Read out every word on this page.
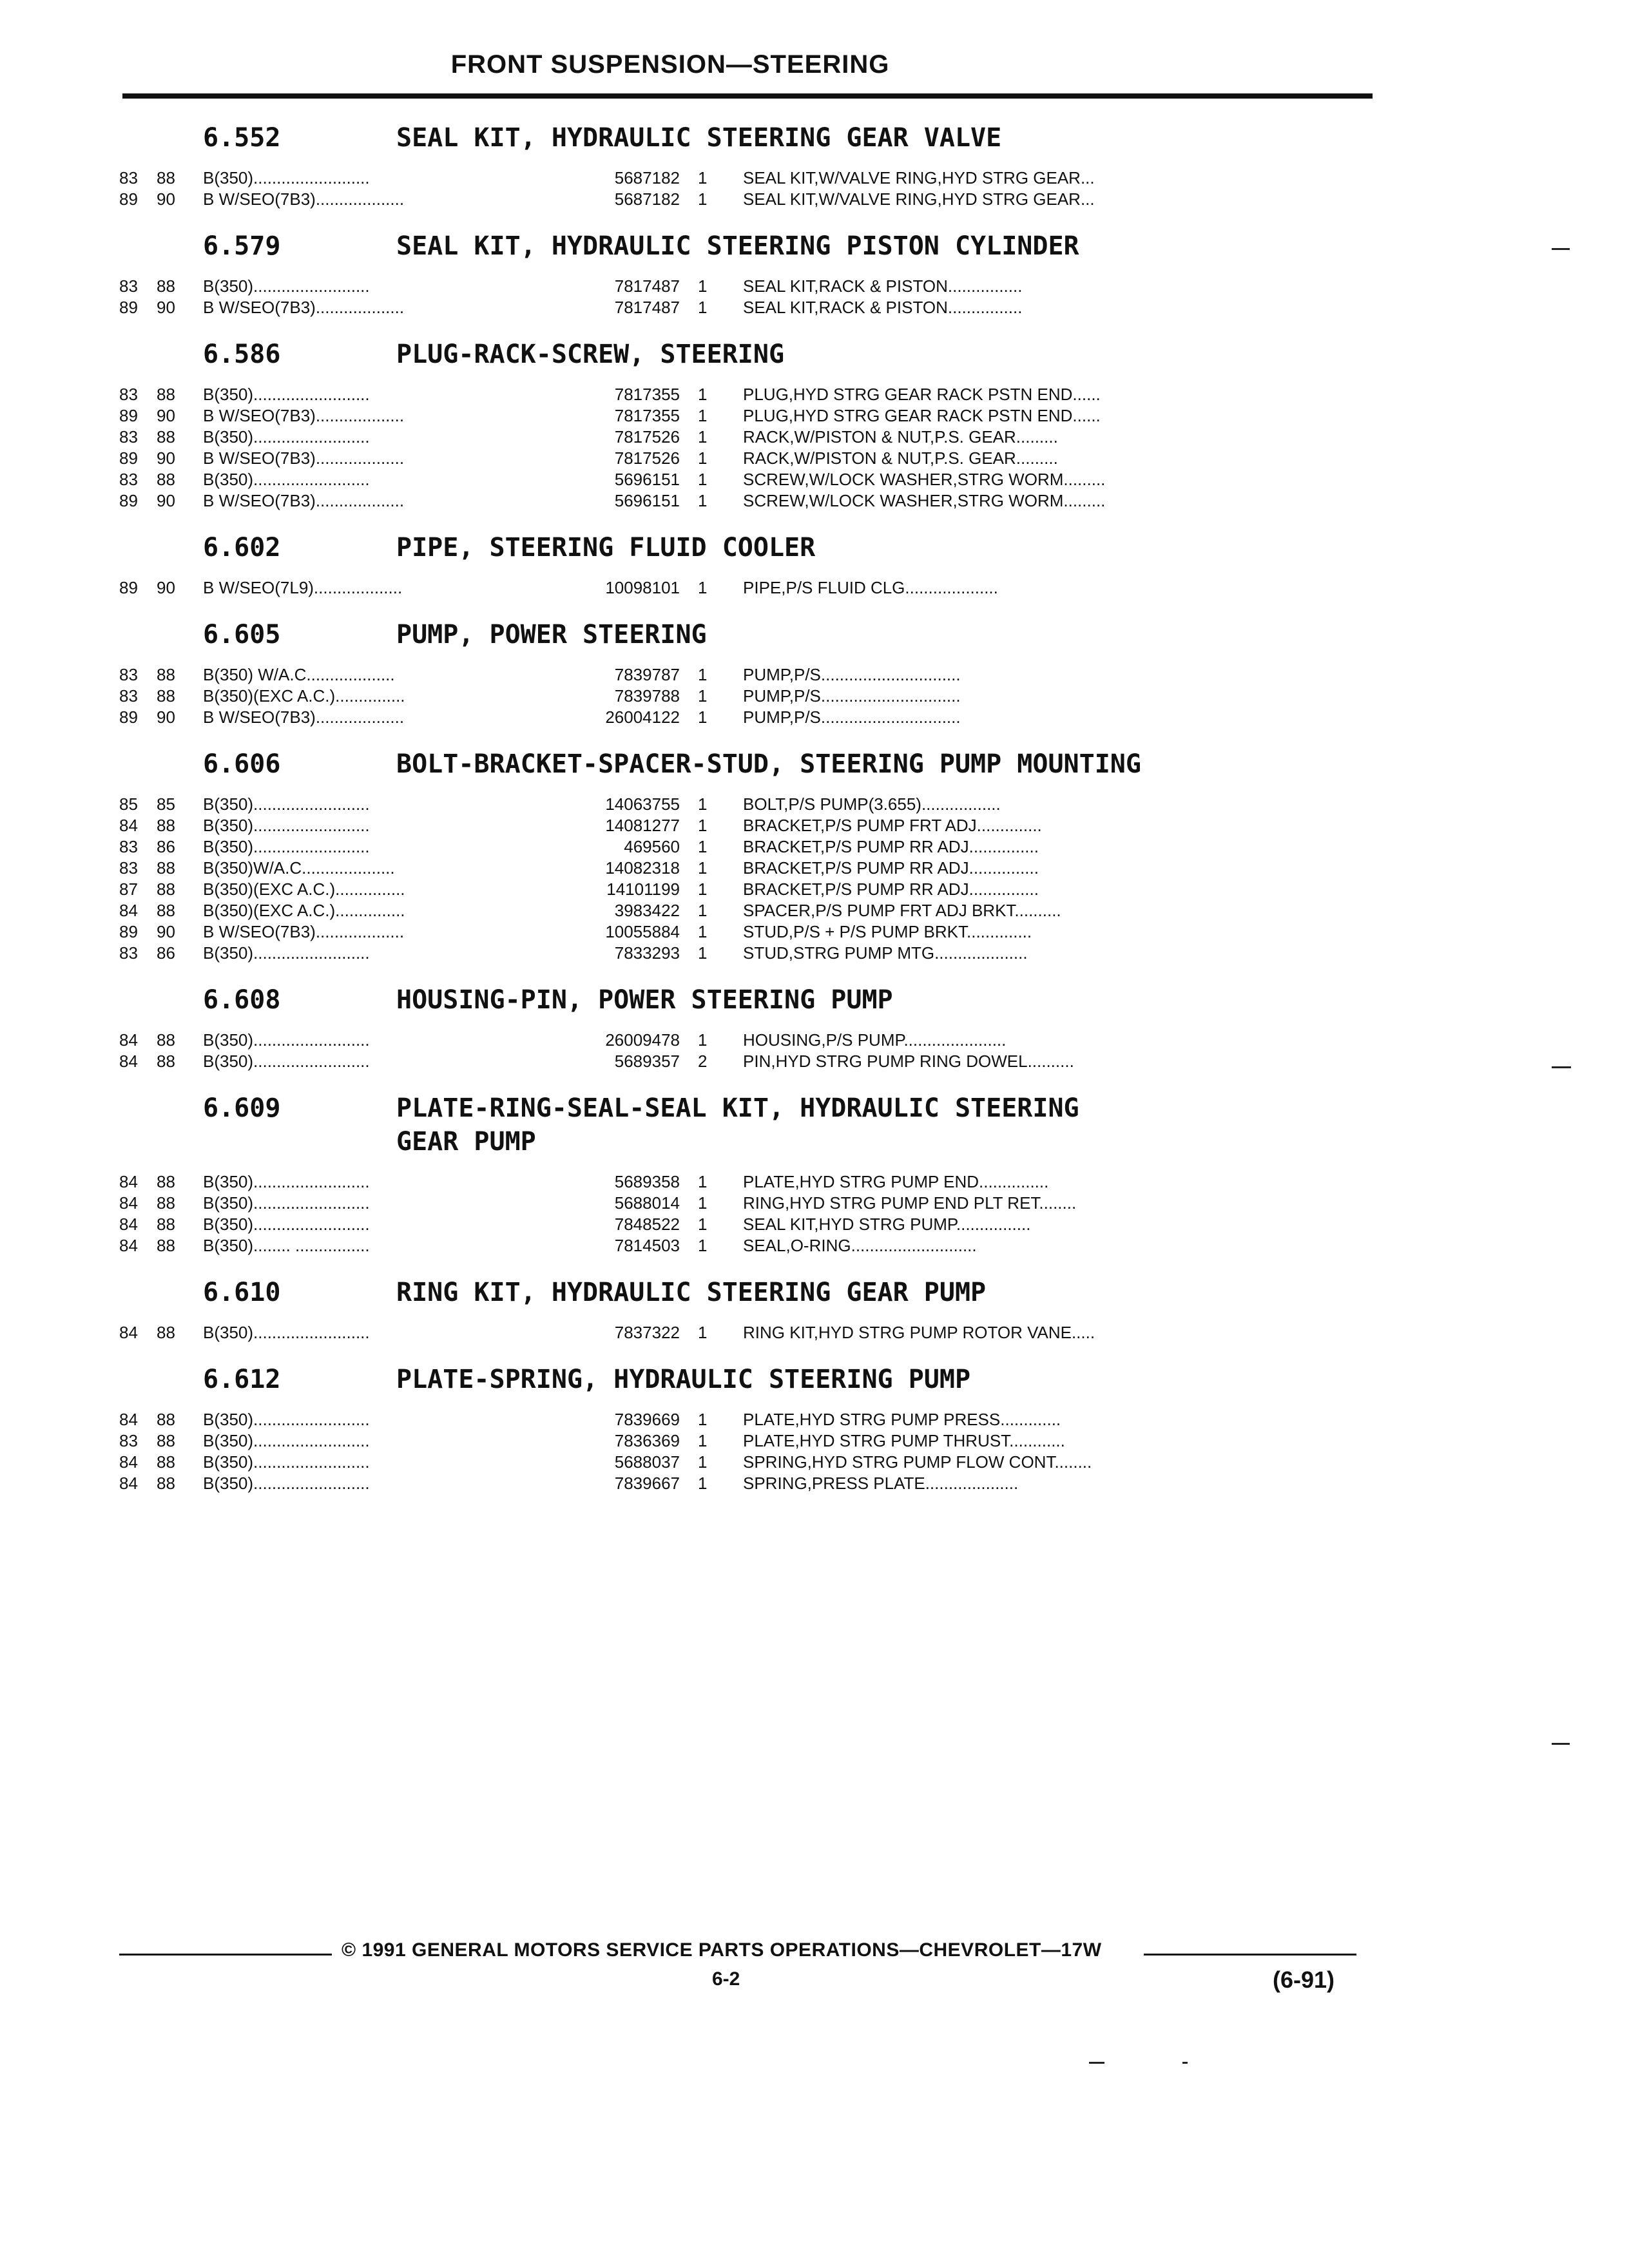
FRONT SUSPENSION—STEERING
6.552	SEAL KIT, HYDRAULIC STEERING GEAR VALVE
83	88	B(350).........................	5687182	1	SEAL KIT,W/VALVE RING,HYD STRG GEAR...
89	90	B W/SEO(7B3)...................	5687182	1	SEAL KIT,W/VALVE RING,HYD STRG GEAR...
6.579	SEAL KIT, HYDRAULIC STEERING PISTON CYLINDER
83	88	B(350).........................	7817487	1	SEAL KIT,RACK & PISTON................
89	90	B W/SEO(7B3)...................	7817487	1	SEAL KIT,RACK & PISTON................
6.586	PLUG-RACK-SCREW, STEERING
83	88	B(350).........................	7817355	1	PLUG,HYD STRG GEAR RACK PSTN END......
89	90	B W/SEO(7B3)...................	7817355	1	PLUG,HYD STRG GEAR RACK PSTN END......
83	88	B(350).........................	7817526	1	RACK,W/PISTON & NUT,P.S. GEAR.........
89	90	B W/SEO(7B3)...................	7817526	1	RACK,W/PISTON & NUT,P.S. GEAR.........
83	88	B(350).........................	5696151	1	SCREW,W/LOCK WASHER,STRG WORM.........
89	90	B W/SEO(7B3)...................	5696151	1	SCREW,W/LOCK WASHER,STRG WORM.........
6.602	PIPE, STEERING FLUID COOLER
89	90	B W/SEO(7L9)...................	10098101	1	PIPE,P/S FLUID CLG....................
6.605	PUMP, POWER STEERING
83	88	B(350) W/A.C...................	7839787	1	PUMP,P/S..............................
83	88	B(350)(EXC A.C.)...............	7839788	1	PUMP,P/S..............................
89	90	B W/SEO(7B3)...................	26004122	1	PUMP,P/S..............................
6.606	BOLT-BRACKET-SPACER-STUD, STEERING PUMP MOUNTING
85	85	B(350).........................	14063755	1	BOLT,P/S PUMP(3.655).................
84	88	B(350).........................	14081277	1	BRACKET,P/S PUMP FRT ADJ..............
83	86	B(350).........................	469560	1	BRACKET,P/S PUMP RR ADJ...............
83	88	B(350)W/A.C....................	14082318	1	BRACKET,P/S PUMP RR ADJ...............
87	88	B(350)(EXC A.C.)...............	14101199	1	BRACKET,P/S PUMP RR ADJ...............
84	88	B(350)(EXC A.C.)...............	3983422	1	SPACER,P/S PUMP FRT ADJ BRKT..........
89	90	B W/SEO(7B3)...................	10055884	1	STUD,P/S + P/S PUMP BRKT..............
83	86	B(350).........................	7833293	1	STUD,STRG PUMP MTG....................
6.608	HOUSING-PIN, POWER STEERING PUMP
84	88	B(350).........................	26009478	1	HOUSING,P/S PUMP......................
84	88	B(350).........................	5689357	2	PIN,HYD STRG PUMP RING DOWEL..........
6.609	PLATE-RING-SEAL-SEAL KIT, HYDRAULIC STEERING
GEAR PUMP
84	88	B(350).........................	5689358	1	PLATE,HYD STRG PUMP END...............
84	88	B(350).........................	5688014	1	RING,HYD STRG PUMP END PLT RET........
84	88	B(350).........................	7848522	1	SEAL KIT,HYD STRG PUMP................
84	88	B(350)........ ................	7814503	1	SEAL,O-RING...........................
6.610	RING KIT, HYDRAULIC STEERING GEAR PUMP
84	88	B(350).........................	7837322	1	RING KIT,HYD STRG PUMP ROTOR VANE.....
6.612	PLATE-SPRING, HYDRAULIC STEERING PUMP
84	88	B(350).........................	7839669	1	PLATE,HYD STRG PUMP PRESS.............
83	88	B(350).........................	7836369	1	PLATE,HYD STRG PUMP THRUST............
84	88	B(350).........................	5688037	1	SPRING,HYD STRG PUMP FLOW CONT........
84	88	B(350).........................	7839667	1	SPRING,PRESS PLATE....................
© 1991 GENERAL MOTORS SERVICE PARTS OPERATIONS—CHEVROLET—17W
6-2	(6-91)
